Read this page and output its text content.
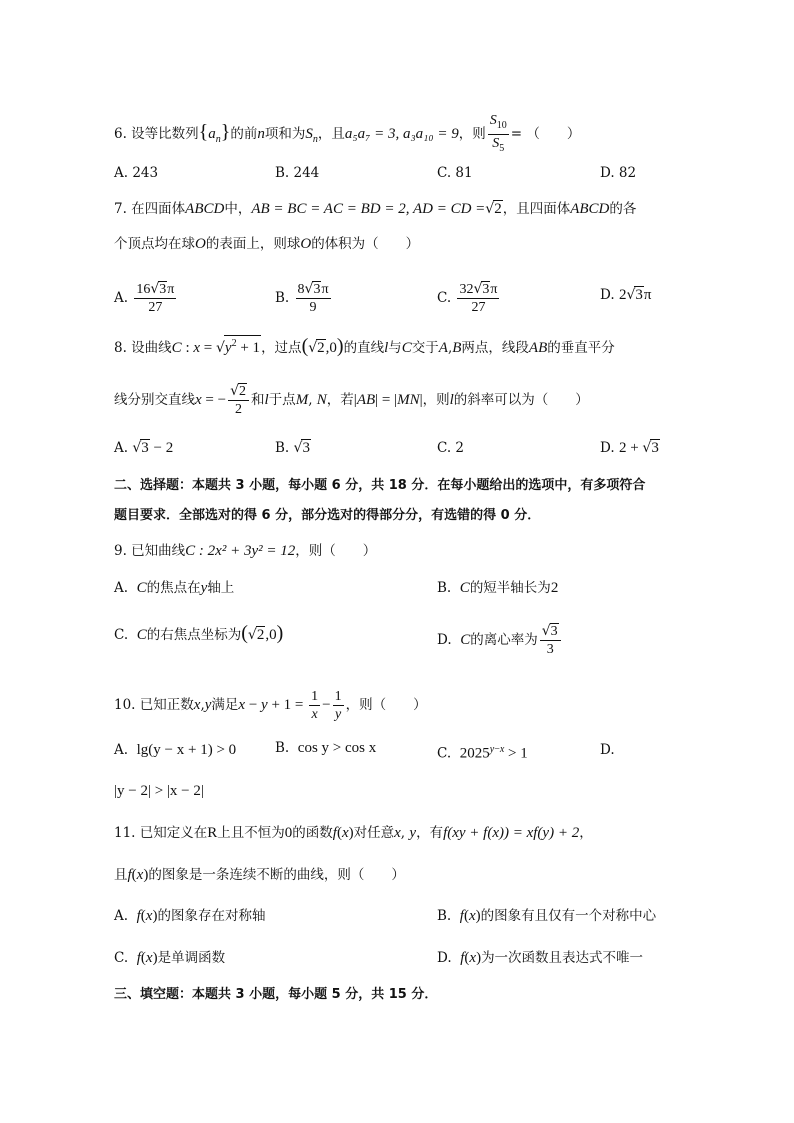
6. 设等比数列$\{a_n\}$的前n项和为$S_n$，且a₅a₇ = 3, a₃a₁₀ = 9，则 $\frac{S_{10}}{S_5}$ = （　　）
A. 243	B. 244	C. 81	D. 82
7. 在四面体ABCD中，AB = BC = AC = BD = 2, AD = CD =√2，且四面体ABCD的各
个顶点均在球O的表面上，则球O的体积为（　　）
A. $\frac{16√3\pi}{27}$	B. $\frac{8√3\pi}{9}$	C. $\frac{32√3\pi}{27}$	D. 2√3π
8. 设曲线C : $x = √y^2 + 1$，过点(√2,0)的直线l与C交于A,B两点，线段AB的垂直平分
线分别交直线x = − $\frac{√2}{2}$ 和l于点M, N，若|AB| = |MN|，则l的斜率可以为（　　）
A. √3 − 2	B. √3	C. 2	D. 2 + √3
二、选择题：本题共 3 小题，每小题 6 分，共 18 分．在每小题给出的选项中，有多项符合
题目要求．全部选对的得 6 分，部分选对的得部分分，有选错的得 0 分．
9. 已知曲线C : 2x² + 3y² = 12，则（　　）
A.  C的焦点在y轴上	B.  C的短半轴长为2
C.  C的右焦点坐标为(√2,0)	D.  C的离心率为 $\frac{√3}{3}$
10. 已知正数x,y满足$x - y + 1 = \frac{1}{x} - \frac{1}{y}$ ，则（　　）
A.  lg(y − x + 1) > 0	B.  cos y > cos x	C.  $2025^{y-x} > 1$	D.
|y − 2| > |x − 2|
11. 已知定义在R上且不恒为0的函数f(x)对任意x, y，有f(xy + f(x)) = xf(y) + 2，
且f(x)的图象是一条连续不断的曲线，则（　　）
A.  f(x)的图象存在对称轴	B.  f(x)的图象有且仅有一个对称中心
C.  f(x)是单调函数	D.  f(x)为一次函数且表达式不唯一
三、填空题：本题共 3 小题，每小题 5 分，共 15 分．
